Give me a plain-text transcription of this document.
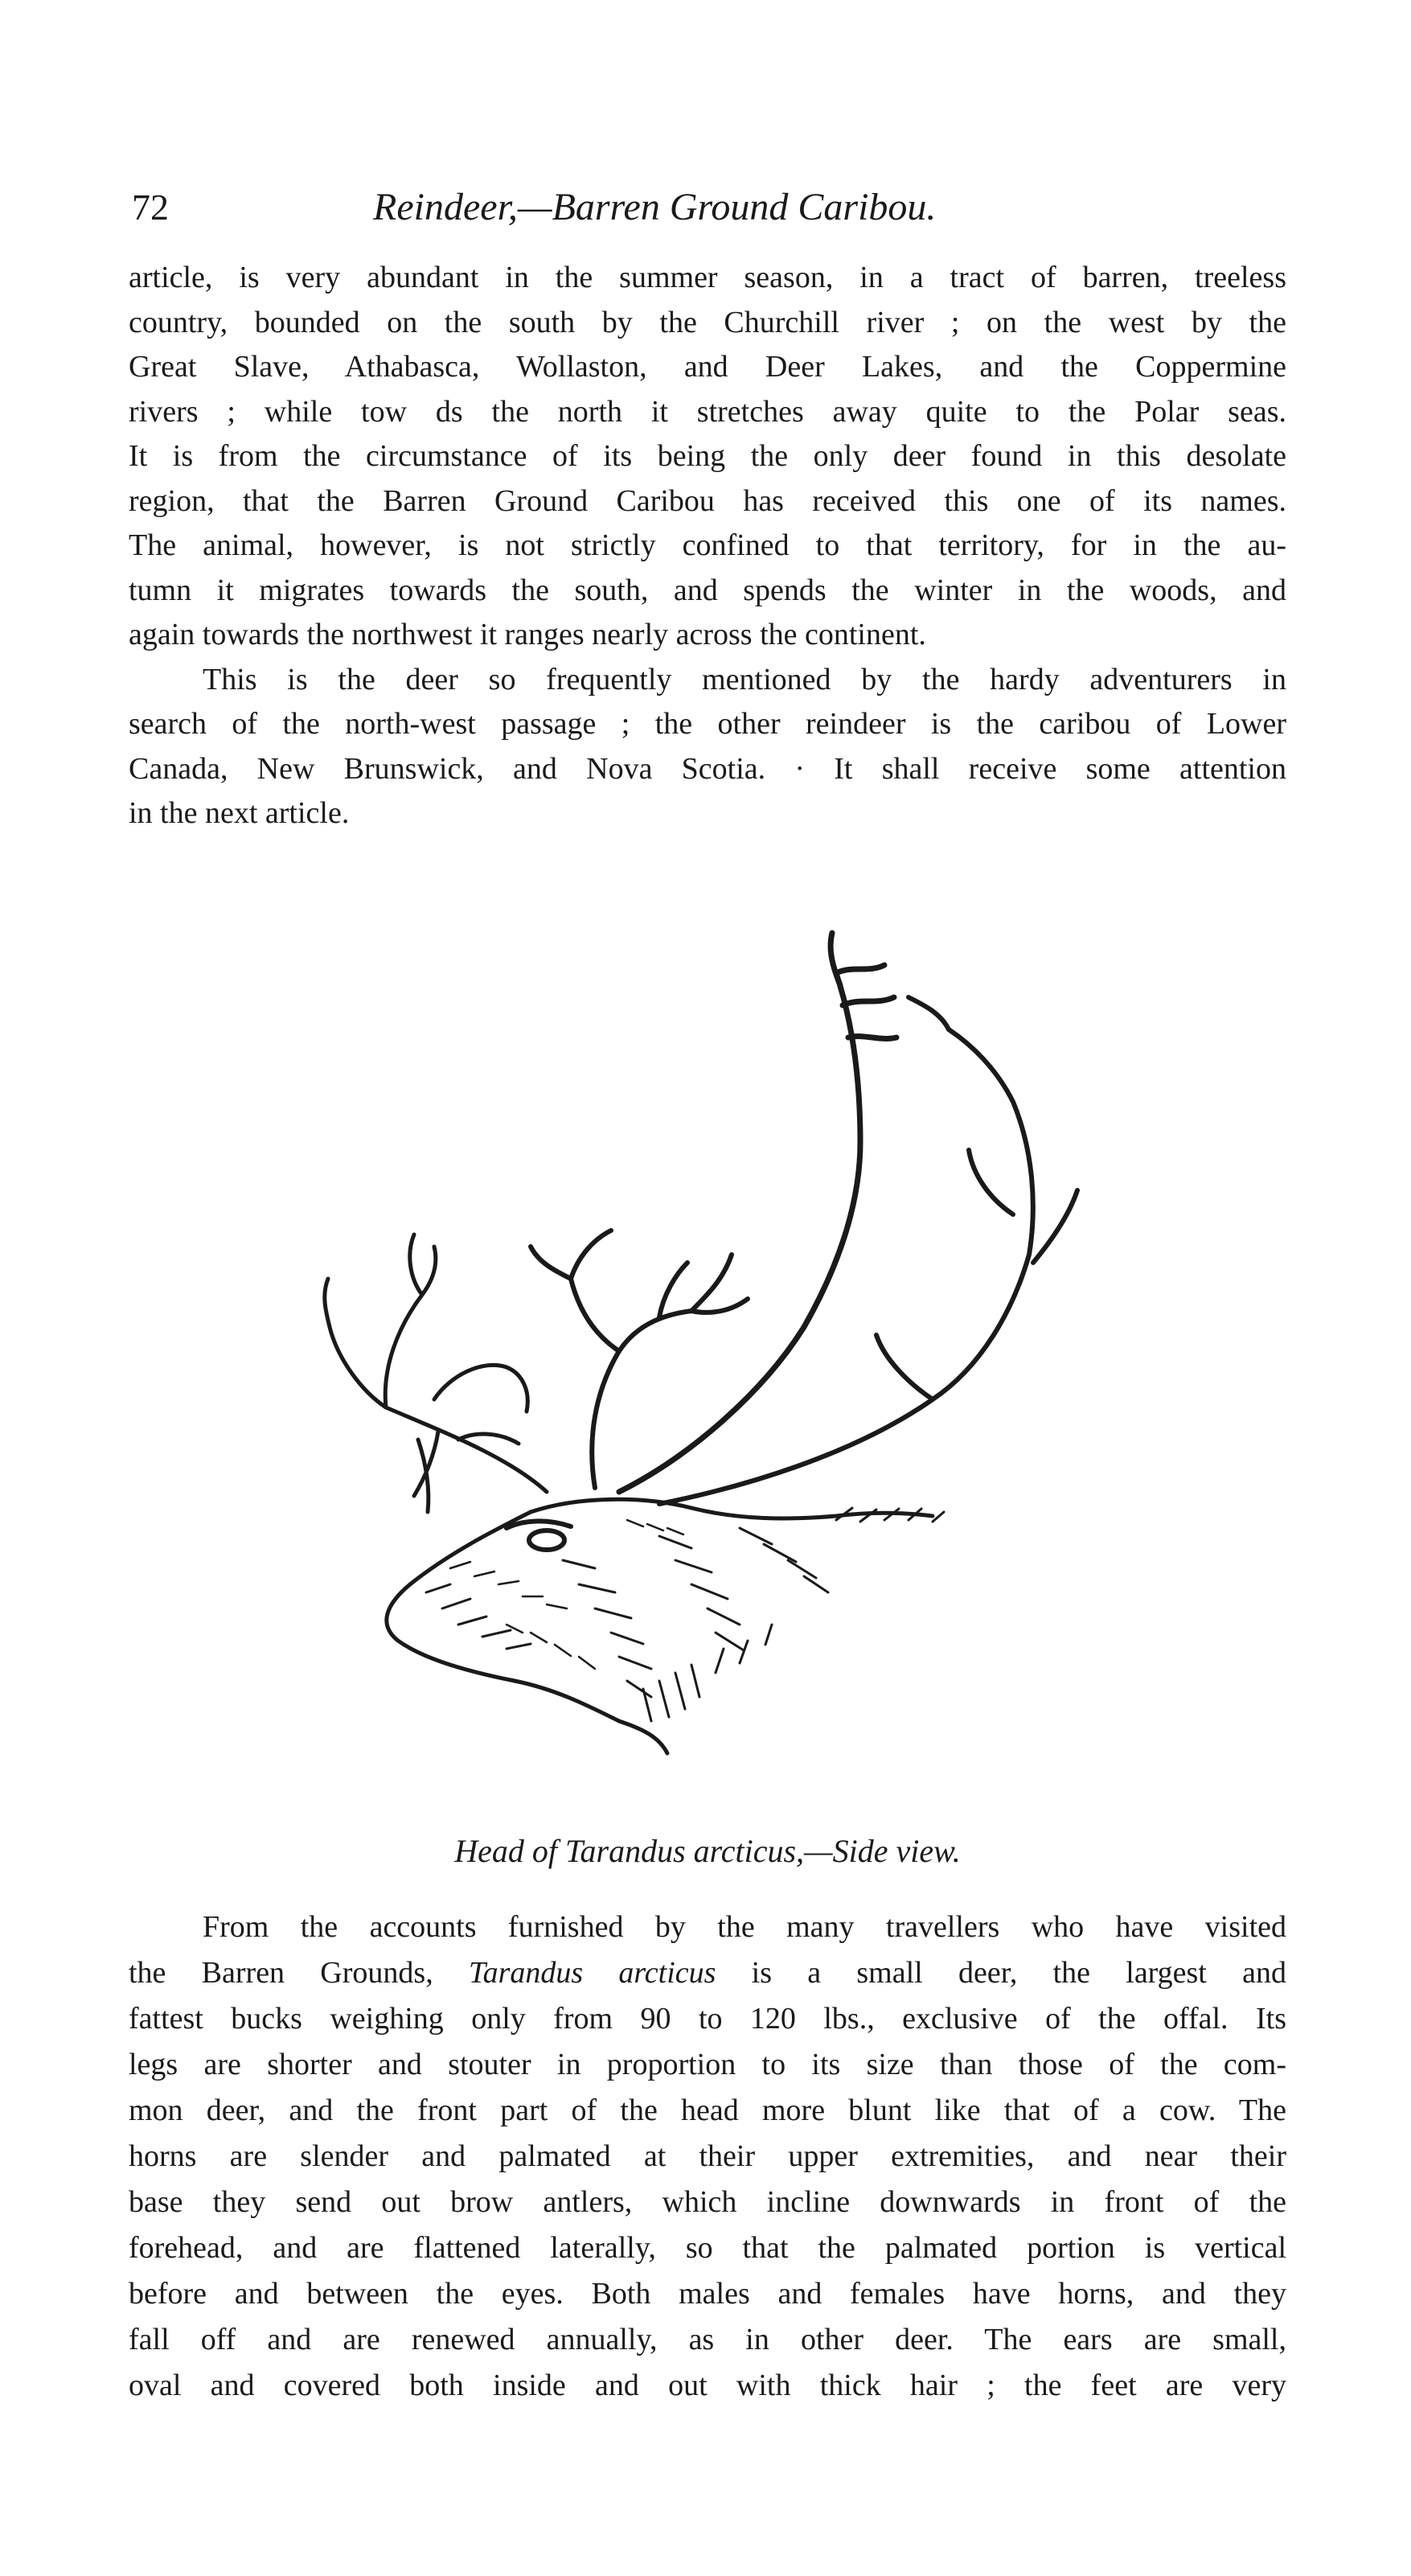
72	Reindeer,—Barren Ground Caribou.
article, is very abundant in the summer season, in a tract of barren, treeless
country, bounded on the south by the Churchill river ; on the west by the
Great Slave, Athabasca, Wollaston, and Deer Lakes, and the Coppermine
rivers ; while tow ds the north it stretches away quite to the Polar seas.
It is from the circumstance of its being the only deer found in this desolate
region, that the Barren Ground Caribou has received this one of its names.
The animal, however, is not strictly confined to that territory, for in the au-
tumn it migrates towards the south, and spends the winter in the woods, and
again towards the northwest it ranges nearly across the continent.
This is the deer so frequently mentioned by the hardy adventurers in
search of the north-west passage ; the other reindeer is the caribou of Lower
Canada, New Brunswick, and Nova Scotia. · It shall receive some attention
in the next article.
Head of Tarandus arcticus,—Side view.
From the accounts furnished by the many travellers who have visited
the Barren Grounds, Tarandus arcticus is a small deer, the largest and
fattest bucks weighing only from 90 to 120 lbs., exclusive of the offal. Its
legs are shorter and stouter in proportion to its size than those of the com-
mon deer, and the front part of the head more blunt like that of a cow. The
horns are slender and palmated at their upper extremities, and near their
base they send out brow antlers, which incline downwards in front of the
forehead, and are flattened laterally, so that the palmated portion is vertical
before and between the eyes. Both males and females have horns, and they
fall off and are renewed annually, as in other deer. The ears are small,
oval and covered both inside and out with thick hair ; the feet are very
